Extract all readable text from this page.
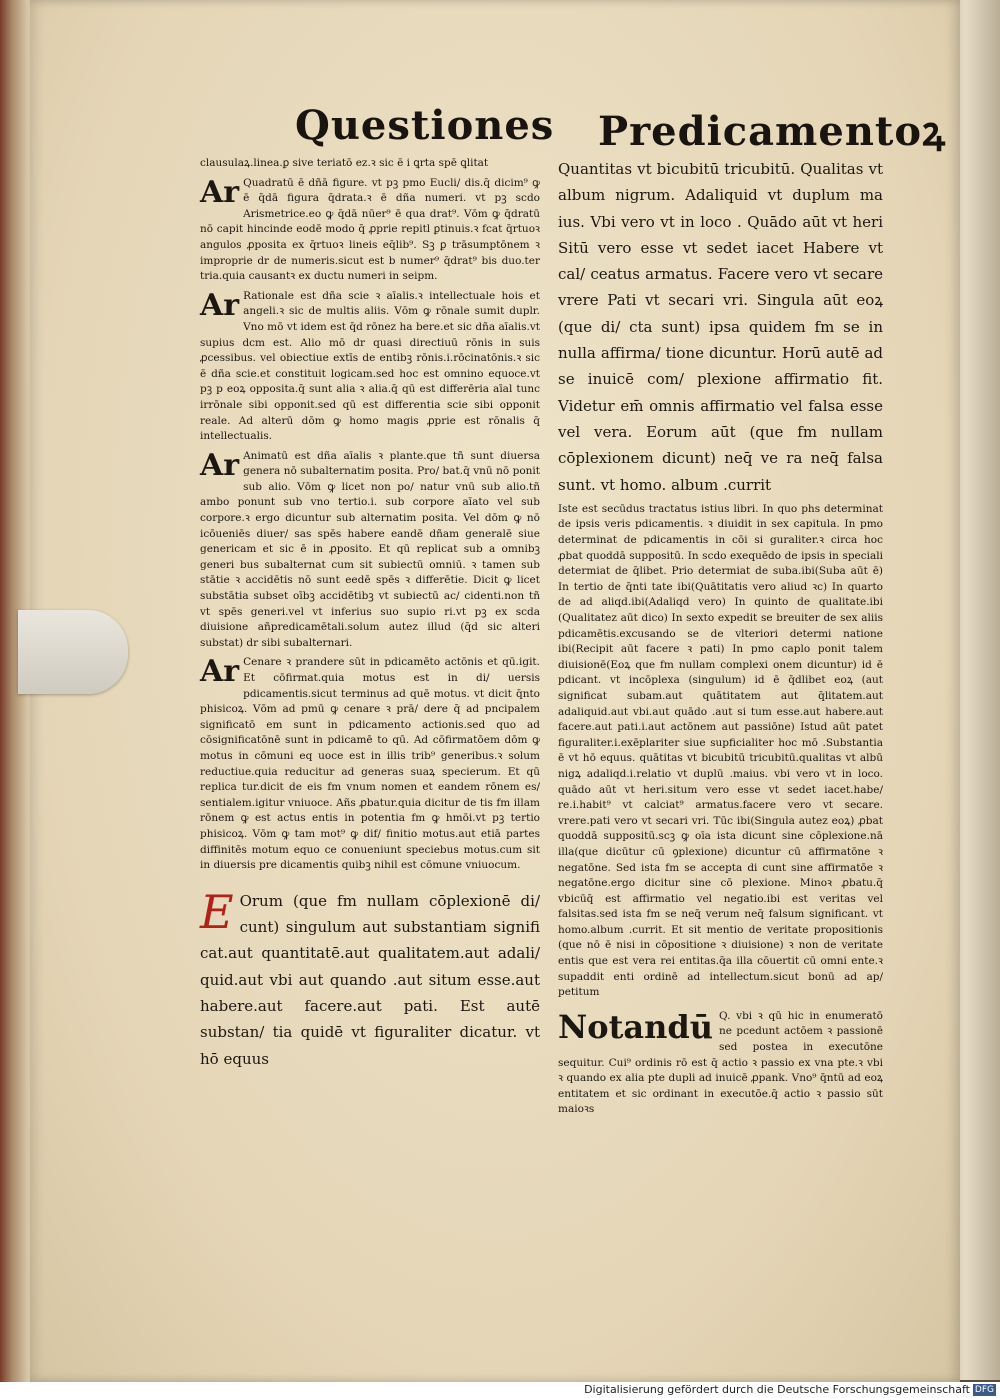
Questiones Predicamentoꝝ

clausulaꝝ.linea.ꝑ sive teriatō ez.ꝛ sic ē i ꝗrta spē ꝗlitat

Ar Quadratū ē dñā figure. vt pꝫ pmo Eucli/ dis.q̄ dicim⁹ ꝙ ē q̄dā figura q̄drata.ꝛ ē dña numeri. vt pꝫ scdo Arismetrice.eo ꝙ q̄dā nūer⁹ ē qua drat⁹. Vōm ꝙ q̄dratū nō capit hincinde eodē modo q̄ ꝓprie repitl ꝑtinuis.ꝛ fcat q̄rtuoꝛ angulos ꝓposita ex q̄rtuoꝛ lineis eq̄lib⁹. Sꝫ ꝑ trāsumptōnem ꝛ improprie dr de numeris.sicut est b numer⁹ q̄drat⁹ bis duo.ter tria.quia causantꝛ ex ductu numeri in seipm.

Ar Rationale est dña scie ꝛ aīalis.ꝛ intellectuale hois et angeli.ꝛ sic de multis aliis. Vōm ꝙ rōnale sumit duplr. Vno mō vt idem est q̄d rōnez ha bere.et sic dña aīalis.vt supius dcm est. Alio mō dr quasi directiuū rōnis in suis ꝓcessibus. vel obiectiue extīs de entibꝫ rōnis.i.rōcinatōnis.ꝛ sic ē dña scie.et constituit logicam.sed hoc est omnino equoce.vt pꝫ p eoꝝ opposita.q̄ sunt alia ꝛ alia.q̄ qū est differēria aīal tunc irrōnale sibi opponit.sed qū est differentia scie sibi opponit reale. Ad alterū dōm ꝙ homo magis ꝓprie est rōnalis q̄ intellectualis.

Ar Animatū est dña aīalis ꝛ plante.que tñ sunt diuersa genera nō subalternatim posita. Pro/ bat.q̄ vnū nō ponit sub alio. Vōm ꝙ licet non po/ natur vnū sub alio.tñ ambo ponunt sub vno tertio.i. sub corpore aīato vel sub corpore.ꝛ ergo dicuntur sub alternatim posita. Vel dōm ꝙ nō icōueniēs diuer/ sas spēs habere eandē dñam generalē siue genericam et sic ē in ꝓposito. Et qū replicat sub a omnibꝫ generi bus subalternat cum sit subiectū omniū. ꝛ tamen sub stātie ꝛ accidētis nō sunt eedē spēs ꝛ differētie. Dicit ꝙ licet substātia subset oībꝫ accidētibꝫ vt subiectū ac/ cidenti.non tñ vt spēs generi.vel vt inferius suo supio ri.vt pꝫ ex scda diuisione añpredicamētali.solum autez illud (q̄d sic alteri substat) dr sibi subalternari.

Ar Cenare ꝛ prandere sūt in pdicamēto actōnis et qū.igit. Et cōfirmat.quia motus est in di/ uersis pdicamentis.sicut terminus ad quē motus. vt dicit q̄nto phisicoꝝ. Vōm ad pmū ꝙ cenare ꝛ prā/ dere q̄ ad pncipalem significatō em sunt in pdicamento actionis.sed quo ad cōsignificatōnē sunt in pdicamē to qū. Ad cōfirmatōem dōm ꝙ motus in cōmuni eq uoce est in illis trib⁹ generibus.ꝛ solum reductiue.quia reducitur ad generas suaꝝ specierum. Et qū replica tur.dicit de eis fm vnum nomen et eandem rōnem es/ sentialem.igitur vniuoce. Añs ꝓbatur.quia dicitur de tis fm illam rōnem ꝙ est actus entis in potentia fm ꝙ hmōi.vt pꝫ tertio phisicoꝝ. Vōm ꝙ tam mot⁹ ꝙ dif/ finitio motus.aut etiā partes diffinitēs motum equo ce conueniunt speciebus motus.cum sit in diuersis pre dicamentis quibꝫ nihil est cōmune vniuocum.

E Orum (que fm nullam cōplexionē di/ cunt) singulum aut substantiam signifi cat.aut quantitatē.aut qualitatem.aut adali/ quid.aut vbi aut quando .aut situm esse.aut habere.aut facere.aut pati. Est autē substan/ tia quidē vt figuraliter dicatur. vt hō equus

Quantitas vt bicubitū tricubitū. Qualitas vt album nigrum. Adaliquid vt duplum ma ius. Vbi vero vt in loco . Quādo aūt vt heri Sitū vero esse vt sedet iacet Habere vt cal/ ceatus armatus. Facere vero vt secare vrere Pati vt secari vri. Singula aūt eoꝝ (que di/ cta sunt) ipsa quidem fm se in nulla affirma/ tione dicuntur. Horū autē ad se inuicē com/ plexione affirmatio fit. Videtur em̄ omnis affirmatio vel falsa esse vel vera. Eorum aūt (que fm nullam cōplexionem dicunt) neq̄ ve ra neq̄ falsa sunt. vt homo. album .currit

Iste est secūdus tractatus istius libri. In quo phs determinat de ipsis veris pdicamentis. ꝛ diuidit in sex capitula. In pmo determinat de pdicamentis in cōi si guraliter.ꝛ circa hoc ꝓbat quoddā suppositū. In scdo exequēdo de ipsis in speciali determiat de q̄libet. Prio determiat de suba.ibi(Suba aūt ē) In tertio de q̄nti tate ibi(Quātitatis vero aliud ꝛc) In quarto de ad aliqd.ibi(Adaliqd vero) In quinto de qualitate.ibi (Qualitatez aūt dico) In sexto expedit se breuiter de sex aliis pdicamētis.excusando se de vlteriori determi natione ibi(Recipit aūt facere ꝛ pati) In pmo caplo ponit talem diuisionē(Eoꝝ que fm nullam complexi onem dicuntur) id ē pdicant. vt incōplexa (singulum) id ē q̄dlibet eoꝝ (aut significat subam.aut quātitatem aut q̄litatem.aut adaliquid.aut vbi.aut quādo .aut si tum esse.aut habere.aut facere.aut pati.i.aut actōnem aut passiōne) Istud aūt patet figuraliter.i.exēplariter siue supficialiter hoc mō .Substantia ē vt hō equus. quātitas vt bicubitū tricubitū.qualitas vt albū nigꝝ adaliqd.i.relatio vt duplū .maius. vbi vero vt in loco. quādo aūt vt heri.situm vero esse vt sedet iacet.habe/ re.i.habit⁹ vt calciat⁹ armatus.facere vero vt secare. vrere.pati vero vt secari vri. Tūc ibi(Singula autez eoꝝ) ꝓbat quoddā suppositū.scꝫ ꝙ oīa ista dicunt sine cōplexione.nā illa(que dicūtur cū ꝯplexione) dicuntur cū affirmatōne ꝛ negatōne. Sed ista fm se accepta di cunt sine affirmatōe ꝛ negatōne.ergo dicitur sine cō plexione. Minoꝛ ꝓbatu.q̄ vbicūq̄ est affirmatio vel negatio.ibi est veritas vel falsitas.sed ista fm se neq̄ verum neq̄ falsum significant. vt homo.album .currit. Et sit mentio de veritate propositionis (que nō ē nisi in cōpositione ꝛ diuisione) ꝛ non de veritate entis que est vera rei entitas.q̄a illa cōuertit cū omni ente.ꝛ supaddit enti ordinē ad intellectum.sicut bonū ad ap/ petitum

Notandū Q. vbi ꝛ qū hic in enumeratō ne pcedunt actōem ꝛ passionē sed postea in executōne sequitur. Cui⁹ ordinis rō est q̄ actio ꝛ passio ex vna pte.ꝛ vbi ꝛ quando ex alia pte dupli ad inuicē ꝓpank. Vno⁹ q̄ntū ad eoꝝ entitatem et sic ordinant in executōe.q̄ actio ꝛ passio sūt maioꝛs

Digitalisierung gefördert durch die Deutsche Forschungsgemeinschaft DFG
